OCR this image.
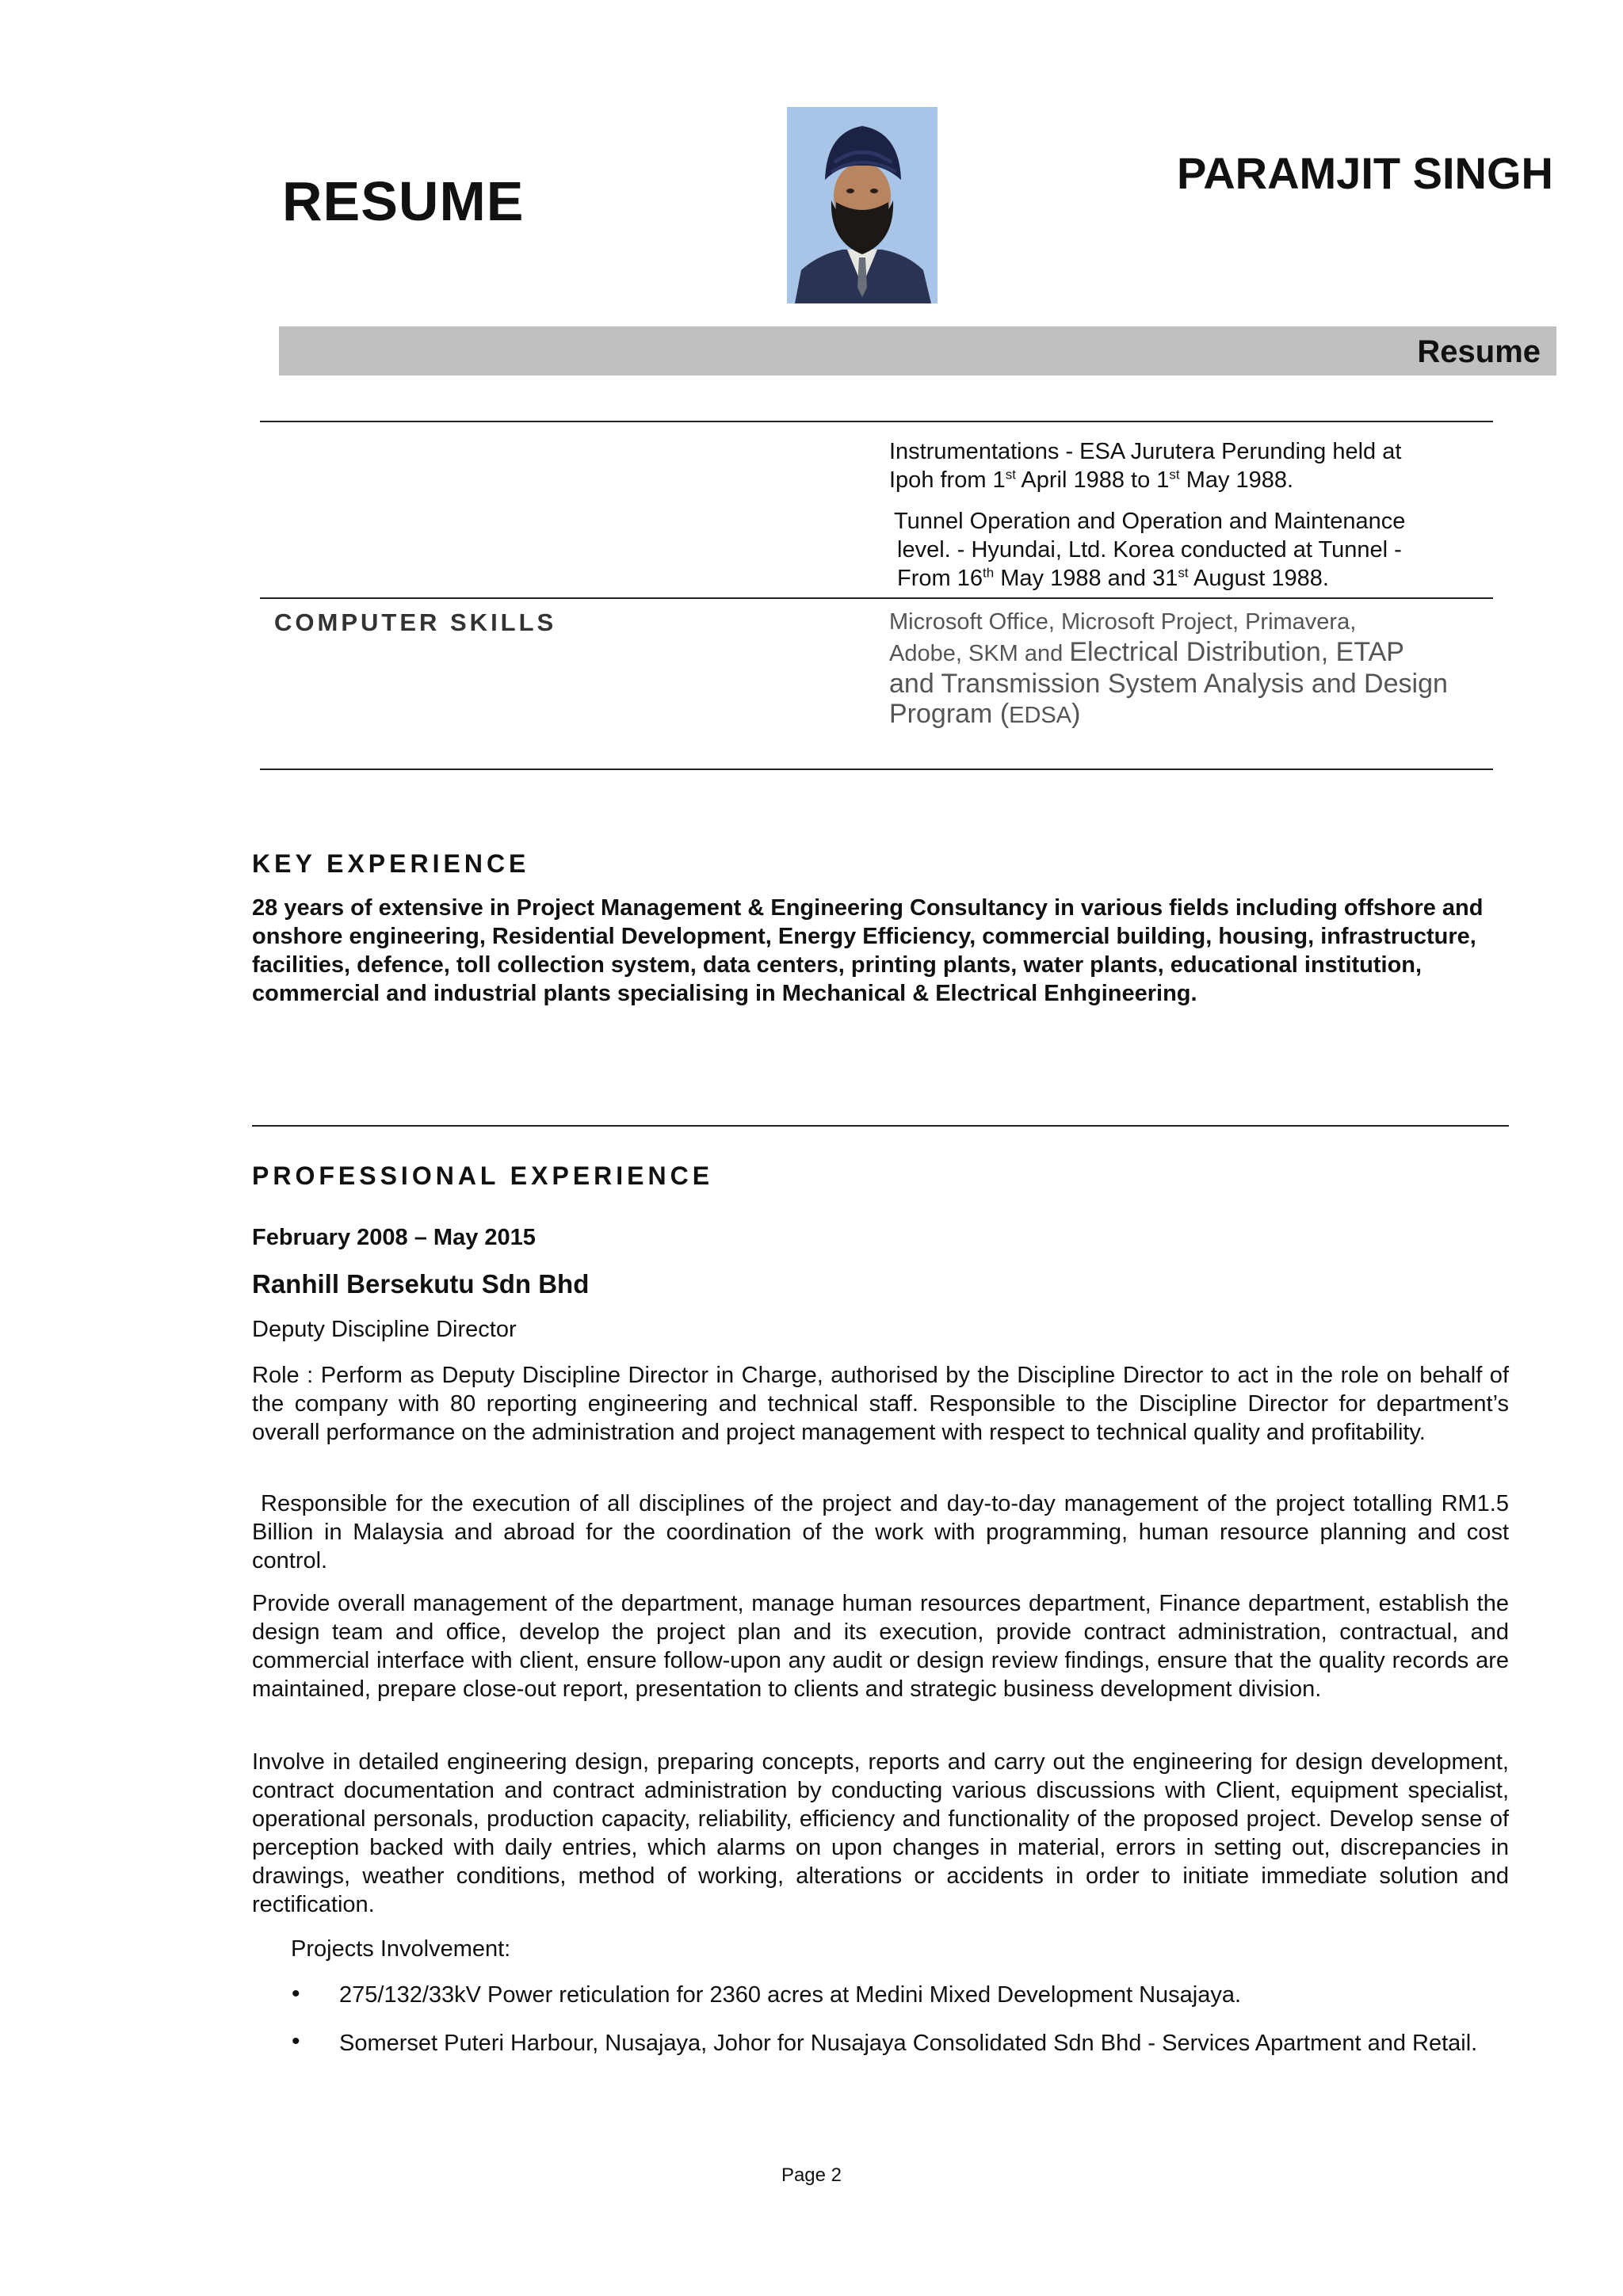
RESUME	PARAMJIT SINGH
Resume
Instrumentations - ESA Jurutera Perunding held at
Ipoh from 1st April 1988 to 1st May 1988.
Tunnel Operation and Operation and Maintenance
level. - Hyundai, Ltd. Korea conducted at Tunnel -
From 16th May 1988 and 31st August 1988.
COMPUTER SKILLS	Microsoft Office, Microsoft Project, Primavera,
Adobe, SKM and Electrical Distribution, ETAP
and Transmission System Analysis and Design
Program (EDSA)
KEY EXPERIENCE
28 years of extensive in Project Management & Engineering Consultancy in various fields including offshore and onshore engineering, Residential Development, Energy Efficiency, commercial building, housing, infrastructure, facilities, defence, toll collection system, data centers, printing plants, water plants, educational institution, commercial and industrial plants specialising in Mechanical & Electrical Enhgineering.
PROFESSIONAL EXPERIENCE
February 2008 – May 2015
Ranhill Bersekutu Sdn Bhd
Deputy Discipline Director
Role : Perform as Deputy Discipline Director in Charge, authorised by the Discipline Director to act in the role on behalf of the company with 80 reporting engineering and technical staff. Responsible to the Discipline Director for department’s overall performance on the administration and project management with respect to technical quality and profitability.
Responsible for the execution of all disciplines of the project and day-to-day management of the project totalling RM1.5 Billion in Malaysia and abroad for the coordination of the work with programming, human resource planning and cost control.
Provide overall management of the department, manage human resources department, Finance department, establish the design team and office, develop the project plan and its execution, provide contract administration, contractual, and commercial interface with client, ensure follow-upon any audit or design review findings, ensure that the quality records are maintained, prepare close-out report, presentation to clients and strategic business development division.
Involve in detailed engineering design, preparing concepts, reports and carry out the engineering for design development, contract documentation and contract administration by conducting various discussions with Client, equipment specialist, operational personals, production capacity, reliability, efficiency and functionality of the proposed project. Develop sense of perception backed with daily entries, which alarms on upon changes in material, errors in setting out, discrepancies in drawings, weather conditions, method of working, alterations or accidents in order to initiate immediate solution and rectification.
Projects Involvement:
• 275/132/33kV Power reticulation for 2360 acres at Medini Mixed Development Nusajaya.
• Somerset Puteri Harbour, Nusajaya, Johor for Nusajaya Consolidated Sdn Bhd - Services Apartment and Retail.
Page 2
